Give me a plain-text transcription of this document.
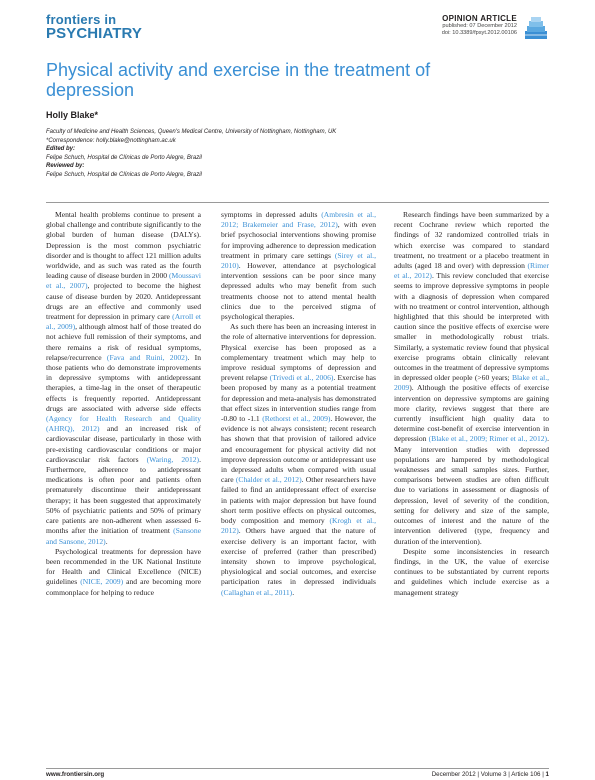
frontiers in
PSYCHIATRY
OPINION ARTICLE
published: 07 December 2012
doi: 10.3389/fpsyt.2012.00106
Physical activity and exercise in the treatment of depression
Holly Blake*
Faculty of Medicine and Health Sciences, Queen's Medical Centre, University of Nottingham, Nottingham, UK
*Correspondence: holly.blake@nottingham.ac.uk
Edited by:
Felipe Schuch, Hospital de Clínicas de Porto Alegre, Brazil
Reviewed by:
Felipe Schuch, Hospital de Clínicas de Porto Alegre, Brazil

Mental health problems continue to present a global challenge and contribute significantly to the global burden of human disease (DALYs). Depression is the most common psychiatric disorder and is thought to affect 121 million adults worldwide, and as such was rated as the fourth leading cause of disease burden in 2000 (Moussavi et al., 2007), projected to become the highest cause of disease burden by 2020. Antidepressant drugs are an effective and commonly used treatment for depression in primary care (Arroll et al., 2009), although almost half of those treated do not achieve full remission of their symptoms, and there remains a risk of residual symptoms, relapse/recurrence (Fava and Ruini, 2002). In those patients who do demonstrate improvements in depressive symptoms with antidepressant therapies, a time-lag in the onset of therapeutic effects is frequently reported. Antidepressant drugs are associated with adverse side effects (Agency for Health Research and Quality (AHRQ), 2012) and an increased risk of cardiovascular disease, particularly in those with pre-existing cardiovascular conditions or major cardiovascular risk factors (Waring, 2012). Furthermore, adherence to antidepressant medications is often poor and patients often prematurely discontinue their antidepressant therapy; it has been suggested that approximately 50% of psychiatric patients and 50% of primary care patients are non-adherent when assessed 6-months after the initiation of treatment (Sansone and Sansone, 2012).

Psychological treatments for depression have been recommended in the UK National Institute for Health and Clinical Excellence (NICE) guidelines (NICE, 2009) and are becoming more commonplace for helping to reduce

symptoms in depressed adults (Ambresin et al., 2012; Brakemeier and Frase, 2012), with even brief psychosocial interventions showing promise for improving adherence to depression medication treatment in primary care settings (Sirey et al., 2010). However, attendance at psychological intervention sessions can be poor since many depressed adults who may benefit from such treatments choose not to attend mental health clinics due to the perceived stigma of psychological therapies.

As such there has been an increasing interest in the role of alternative interventions for depression. Physical exercise has been proposed as a complementary treatment which may help to improve residual symptoms of depression and prevent relapse (Trivedi et al., 2006). Exercise has been proposed by many as a potential treatment for depression and meta-analysis has demonstrated that effect sizes in intervention studies range from -0.80 to -1.1 (Rethorst et al., 2009). However, the evidence is not always consistent; recent research has shown that that provision of tailored advice and encouragement for physical activity did not improve depression outcome or antidepressant use in depressed adults when compared with usual care (Chalder et al., 2012). Other researchers have failed to find an antidepressant effect of exercise in patients with major depression but have found short term positive effects on physical outcomes, body composition and memory (Krogh et al., 2012). Others have argued that the nature of exercise delivery is an important factor, with exercise of preferred (rather than prescribed) intensity shown to improve psychological, physiological and social outcomes, and exercise participation rates in depressed individuals (Callaghan et al., 2011).

Research findings have been summarized by a recent Cochrane review which reported the findings of 32 randomized controlled trials in which exercise was compared to standard treatment, no treatment or a placebo treatment in adults (aged 18 and over) with depression (Rimer et al., 2012). This review concluded that exercise seems to improve depressive symptoms in people with a diagnosis of depression when compared with no treatment or control intervention, although highlighted that this should be interpreted with caution since the positive effects of exercise were smaller in methodologically robust trials. Similarly, a systematic review found that physical exercise programs obtain clinically relevant outcomes in the treatment of depressive symptoms in depressed older people (>60 years; Blake et al., 2009). Although the positive effects of exercise intervention on depressive symptoms are gaining more clarity, reviews suggest that there are currently insufficient high quality data to determine cost-benefit of exercise intervention in depression (Blake et al., 2009; Rimer et al., 2012). Many intervention studies with depressed populations are hampered by methodological weaknesses and small samples sizes. Further, comparisons between studies are often difficult due to variations in assessment or diagnosis of depression, level of severity of the condition, setting for delivery and size of the sample, outcomes of interest and the nature of the intervention delivered (type, frequency and duration of the intervention).

Despite some inconsistencies in research findings, in the UK, the value of exercise continues to be substantiated by current reports and guidelines which include exercise as a management strategy

www.frontiersin.org	December 2012 | Volume 3 | Article 106 | 1
